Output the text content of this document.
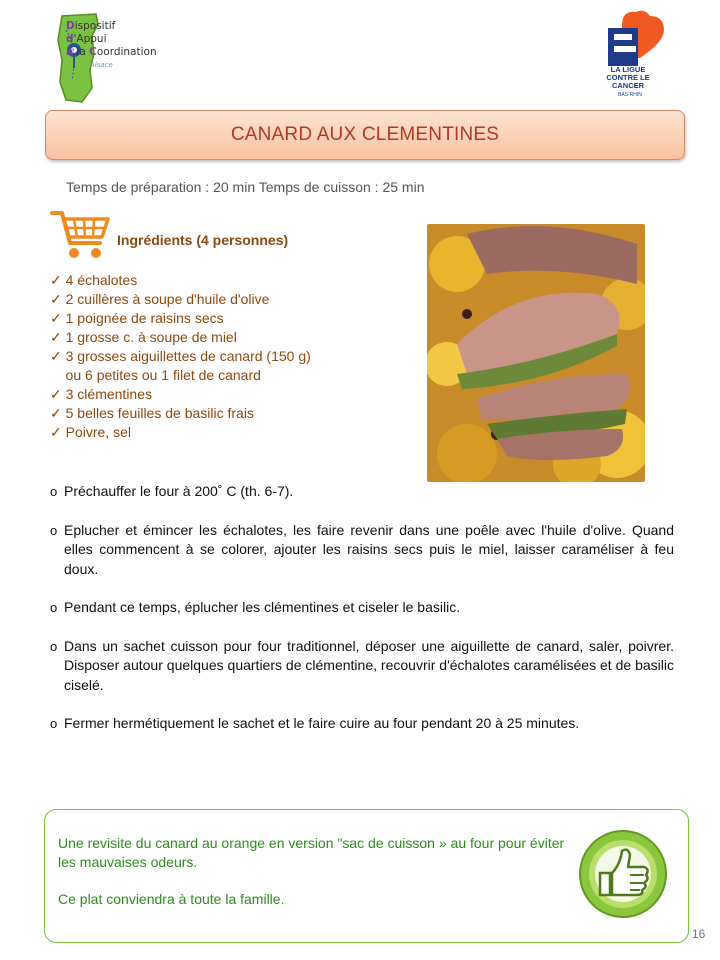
Dispositif
d'Appui
à la Coordination
Alsace	LA LIGUE CONTRE LE CANCER
BAS-RHIN
CANARD AUX CLEMENTINES
Temps de préparation : 20 min Temps de cuisson : 25 min
Ingrédients (4 personnes)
✓ 4 échalotes
✓ 2 cuillères à soupe d'huile d'olive
✓ 1 poignée de raisins secs
✓ 1 grosse c. à soupe de miel
✓ 3 grosses aiguillettes de canard (150 g)
ou 6 petites ou 1 filet de canard
✓ 3 clémentines
✓ 5 belles feuilles de basilic frais
✓ Poivre, sel
o Préchauffer le four à 200˚ C (th. 6-7).
o Eplucher et émincer les échalotes, les faire revenir dans une poêle avec l'huile d'olive. Quand elles commencent à se colorer, ajouter les raisins secs puis le miel, laisser caraméliser à feu doux.
o Pendant ce temps, éplucher les clémentines et ciseler le basilic.
o Dans un sachet cuisson pour four traditionnel, déposer une aiguillette de canard, saler, poivrer. Disposer autour quelques quartiers de clémentine, recouvrir d'échalotes caramélisées et de basilic ciselé.
o Fermer hermétiquement le sachet et le faire cuire au four pendant 20 à 25 minutes.
Une revisite du canard au orange en version "sac de cuisson » au four pour éviter les mauvaises odeurs.
Ce plat conviendra à toute la famille.
16
